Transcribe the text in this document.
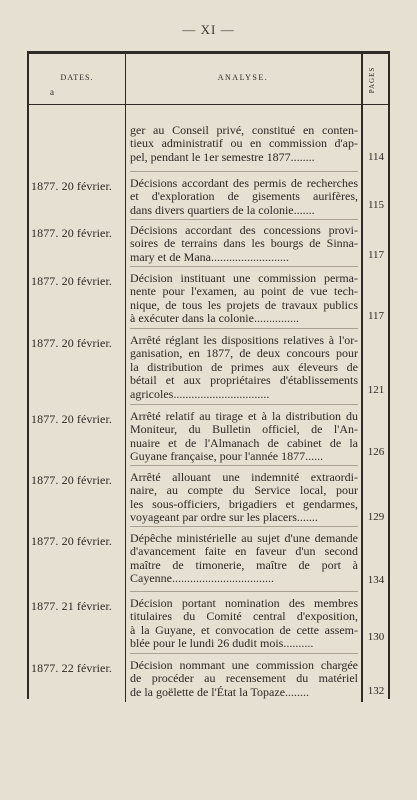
— XI —
DATES.
a
ANALYSE.	PAGES
ger au Conseil privé, constitué en conten-
tieux administratif ou en commission d'ap-
pel, pendant le 1er semestre 1877........	114
1877. 20 février.	Décisions accordant des permis de recherches
et d'exploration de gisements aurifères,
dans divers quartiers de la colonie.......	115
1877. 20 février.	Décisions accordant des concessions provi-
soires de terrains dans les bourgs de Sinna-
mary et de Mana..........................	117
1877. 20 février.	Décision instituant une commission perma-
nente pour l'examen, au point de vue tech-
nique, de tous les projets de travaux publics
à exécuter dans la colonie...............	117
1877. 20 février.	Arrêté réglant les dispositions relatives à l'or-
ganisation, en 1877, de deux concours pour
la distribution de primes aux éleveurs de
bétail et aux propriétaires d'établissements
agricoles................................	121
1877. 20 février.	Arrêté relatif au tirage et à la distribution du
Moniteur, du Bulletin officiel, de l'An-
nuaire et de l'Almanach de cabinet de la
Guyane française, pour l'année 1877......	126
1877. 20 février.	Arrêté allouant une indemnité extraordi-
naire, au compte du Service local, pour
les sous-officiers, brigadiers et gendarmes,
voyageant par ordre sur les placers.......	129
1877. 20 février.	Dépêche ministérielle au sujet d'une demande
d'avancement faite en faveur d'un second
maître de timonerie, maître de port à
Cayenne..................................	134
1877. 21 février.	Décision portant nomination des membres
titulaires du Comité central d'exposition,
à la Guyane, et convocation de cette assem-
blée pour le lundi 26 dudit mois..........	130
1877. 22 février.	Décision nommant une commission chargée
de procéder au recensement du matériel
de la goëlette de l'État la Topaze........	132
